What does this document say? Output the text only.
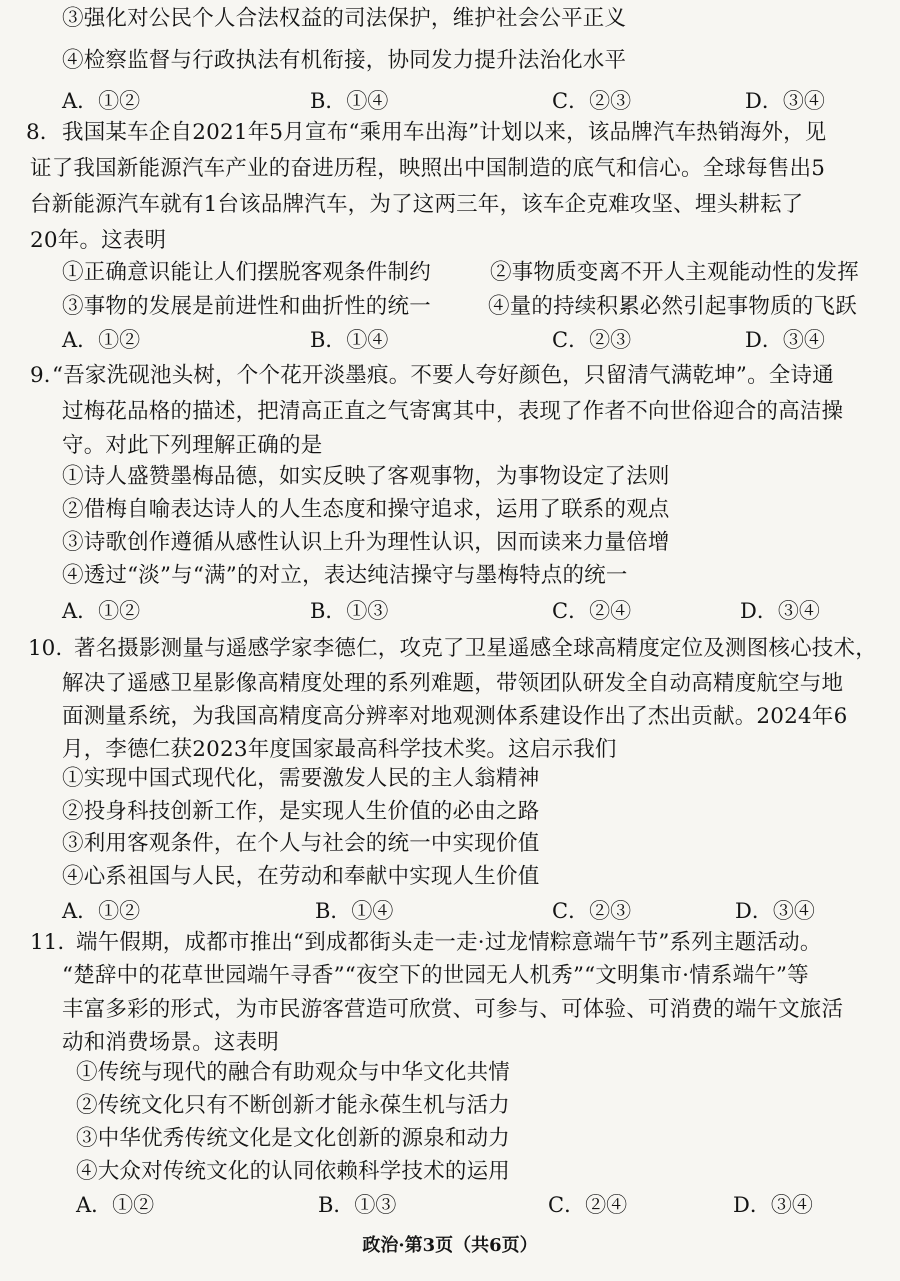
③强化对公民个人合法权益的司法保护，维护社会公平正义
④检察监督与行政执法有机衔接，协同发力提升法治化水平
A．①②	B．①④	C．②③	D．③④
8. 我国某车企自2021年5月宣布“乘用车出海”计划以来，该品牌汽车热销海外，见
证了我国新能源汽车产业的奋进历程，映照出中国制造的底气和信心。全球每售出5
台新能源汽车就有1台该品牌汽车，为了这两三年，该车企克难攻坚、埋头耕耘了
20年。这表明
①正确意识能让人们摆脱客观条件制约	②事物质变离不开人主观能动性的发挥
③事物的发展是前进性和曲折性的统一	④量的持续积累必然引起事物质的飞跃
A．①②	B．①④	C．②③	D．③④
9. “吾家洗砚池头树，个个花开淡墨痕。不要人夸好颜色，只留清气满乾坤”。全诗通
过梅花品格的描述，把清高正直之气寄寓其中，表现了作者不向世俗迎合的高洁操
守。对此下列理解正确的是
①诗人盛赞墨梅品德，如实反映了客观事物，为事物设定了法则
②借梅自喻表达诗人的人生态度和操守追求，运用了联系的观点
③诗歌创作遵循从感性认识上升为理性认识，因而读来力量倍增
④透过“淡”与“满”的对立，表达纯洁操守与墨梅特点的统一
A．①②	B．①③	C．②④	D．③④
10. 著名摄影测量与遥感学家李德仁，攻克了卫星遥感全球高精度定位及测图核心技术，
解决了遥感卫星影像高精度处理的系列难题，带领团队研发全自动高精度航空与地
面测量系统，为我国高精度高分辨率对地观测体系建设作出了杰出贡献。2024年6
月，李德仁获2023年度国家最高科学技术奖。这启示我们
①实现中国式现代化，需要激发人民的主人翁精神
②投身科技创新工作，是实现人生价值的必由之路
③利用客观条件，在个人与社会的统一中实现价值
④心系祖国与人民，在劳动和奉献中实现人生价值
A．①②	B．①④	C．②③	D．③④
11. 端午假期，成都市推出“到成都街头走一走·过龙情粽意端午节”系列主题活动。
“楚辞中的花草世园端午寻香”“夜空下的世园无人机秀”“文明集市·情系端午”等
丰富多彩的形式，为市民游客营造可欣赏、可参与、可体验、可消费的端午文旅活
动和消费场景。这表明
①传统与现代的融合有助观众与中华文化共情
②传统文化只有不断创新才能永葆生机与活力
③中华优秀传统文化是文化创新的源泉和动力
④大众对传统文化的认同依赖科学技术的运用
A．①②	B．①③	C．②④	D．③④
政治·第3页（共6页）
